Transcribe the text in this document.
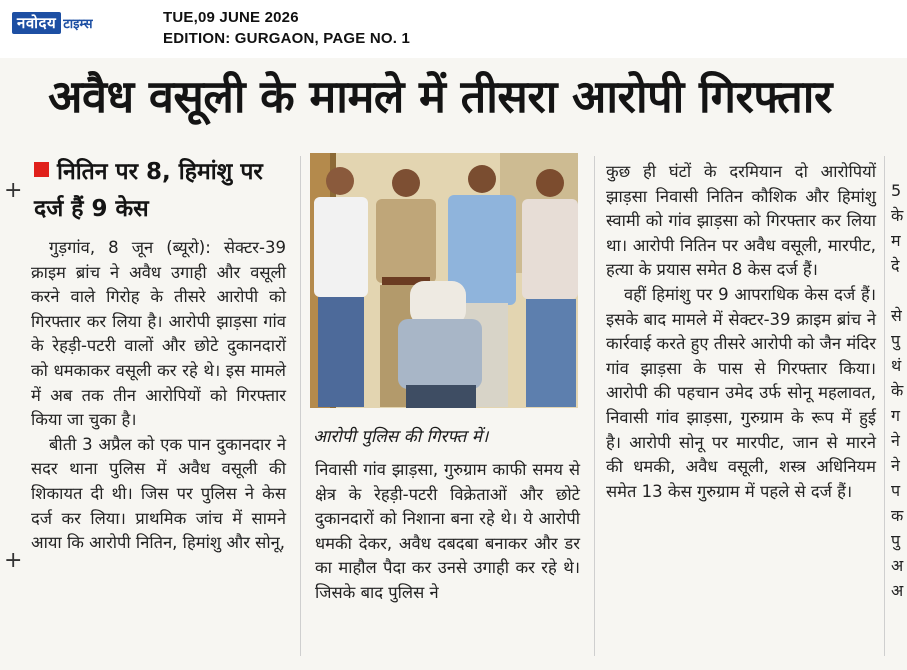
नवोदय टाइम्स	TUE,09 JUNE 2026
EDITION: GURGAON, PAGE NO. 1
अवैध वसूली के मामले में तीसरा आरोपी गिरफ्तार
+
+
नितिन पर 8, हिमांशु पर दर्ज हैं 9 केस

गुड़गांव, 8 जून (ब्यूरो): सेक्टर-39 क्राइम ब्रांच ने अवैध उगाही और वसूली करने वाले गिरोह के तीसरे आरोपी को गिरफ्तार कर लिया है। आरोपी झाड़सा गांव के रेहड़ी-पटरी वालों और छोटे दुकानदारों को धमकाकर वसूली कर रहे थे। इस मामले में अब तक तीन आरोपियों को गिरफ्तार किया जा चुका है।

बीती 3 अप्रैल को एक पान दुकानदार ने सदर थाना पुलिस में अवैध वसूली की शिकायत दी थी। जिस पर पुलिस ने केस दर्ज कर लिया। प्राथमिक जांच में सामने आया कि आरोपी नितिन, हिमांशु और सोनू,

आरोपी पुलिस की गिरफ्त में।

निवासी गांव झाड़सा, गुरुग्राम काफी समय से क्षेत्र के रेहड़ी-पटरी विक्रेताओं और छोटे दुकानदारों को निशाना बना रहे थे। ये आरोपी धमकी देकर, अवैध दबदबा बनाकर और डर का माहौल पैदा कर उनसे उगाही कर रहे थे। जिसके बाद पुलिस ने

कुछ ही घंटों के दरमियान दो आरोपियों झाड़सा निवासी नितिन कौशिक और हिमांशु स्वामी को गांव झाड़सा को गिरफ्तार कर लिया था। आरोपी नितिन पर अवैध वसूली, मारपीट, हत्या के प्रयास समेत 8 केस दर्ज हैं।

वहीं हिमांशु पर 9 आपराधिक केस दर्ज हैं। इसके बाद मामले में सेक्टर-39 क्राइम ब्रांच ने कार्रवाई करते हुए तीसरे आरोपी को जैन मंदिर गांव झाड़सा के पास से गिरफ्तार किया। आरोपी की पहचान उमेद उर्फ सोनू महलावत, निवासी गांव झाड़सा, गुरुग्राम के रूप में हुई है। आरोपी सोनू पर मारपीट, जान से मारने की धमकी, अवैध वसूली, शस्त्र अधिनियम समेत 13 केस गुरुग्राम में पहले से दर्ज हैं।

5
के
म
दे

से
पु
थं
के
ग
ने
ने
प
क
पु
अ
अ
